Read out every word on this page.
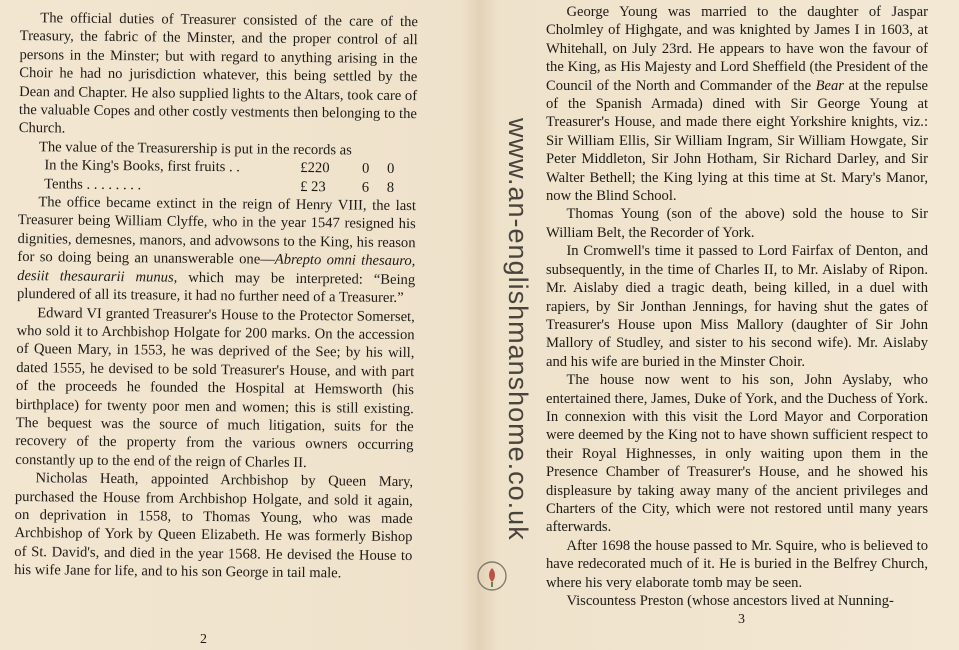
The official duties of Treasurer consisted of the care of the Treasury, the fabric of the Minster, and the proper control of all persons in the Minster; but with regard to anything arising in the Choir he had no jurisdiction whatever, this being settled by the Dean and Chapter. He also supplied lights to the Altars, took care of the valuable Copes and other costly vestments then belonging to the Church.

The value of the Treasurership is put in the records as

In the King's Books, first fruits . .	£220	0	0
Tenths . . . . . . . .	£ 23	6	8

The office became extinct in the reign of Henry VIII, the last Treasurer being William Clyffe, who in the year 1547 resigned his dignities, demesnes, manors, and advowsons to the King, his reason for so doing being an unanswerable one—Abrepto omni thesauro, desiit thesaurarii munus, which may be interpreted: “Being plundered of all its treasure, it had no further need of a Treasurer.”

Edward VI granted Treasurer's House to the Protector Somerset, who sold it to Archbishop Holgate for 200 marks. On the accession of Queen Mary, in 1553, he was deprived of the See; by his will, dated 1555, he devised to be sold Treasurer's House, and with part of the proceeds he founded the Hospital at Hemsworth (his birthplace) for twenty poor men and women; this is still existing. The bequest was the source of much litigation, suits for the recovery of the property from the various owners occurring constantly up to the end of the reign of Charles II.

Nicholas Heath, appointed Archbishop by Queen Mary, purchased the House from Archbishop Holgate, and sold it again, on deprivation in 1558, to Thomas Young, who was made Archbishop of York by Queen Elizabeth. He was formerly Bishop of St. David's, and died in the year 1568. He devised the House to his wife Jane for life, and to his son George in tail male.

2

George Young was married to the daughter of Jaspar Cholmley of Highgate, and was knighted by James I in 1603, at Whitehall, on July 23rd. He appears to have won the favour of the King, as His Majesty and Lord Sheffield (the President of the Council of the North and Commander of the Bear at the repulse of the Spanish Armada) dined with Sir George Young at Treasurer's House, and made there eight Yorkshire knights, viz.: Sir William Ellis, Sir William Ingram, Sir William Howgate, Sir Peter Middleton, Sir John Hotham, Sir Richard Darley, and Sir Walter Bethell; the King lying at this time at St. Mary's Manor, now the Blind School.

Thomas Young (son of the above) sold the house to Sir William Belt, the Recorder of York.

In Cromwell's time it passed to Lord Fairfax of Denton, and subsequently, in the time of Charles II, to Mr. Aislaby of Ripon. Mr. Aislaby died a tragic death, being killed, in a duel with rapiers, by Sir Jonthan Jennings, for having shut the gates of Treasurer's House upon Miss Mallory (daughter of Sir John Mallory of Studley, and sister to his second wife). Mr. Aislaby and his wife are buried in the Minster Choir.

The house now went to his son, John Ayslaby, who entertained there, James, Duke of York, and the Duchess of York. In connexion with this visit the Lord Mayor and Corporation were deemed by the King not to have shown sufficient respect to their Royal Highnesses, in only waiting upon them in the Presence Chamber of Treasurer's House, and he showed his displeasure by taking away many of the ancient privileges and Charters of the City, which were not restored until many years afterwards.

After 1698 the house passed to Mr. Squire, who is believed to have redecorated much of it. He is buried in the Belfrey Church, where his very elaborate tomb may be seen.

Viscountess Preston (whose ancestors lived at Nunning-

3
www.an-englishmanshome.co.uk
